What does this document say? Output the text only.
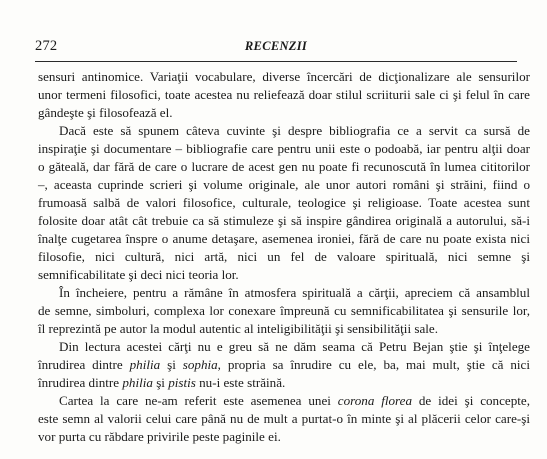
272	RECENZII
sensuri antinomice. Variaţii vocabulare, diverse încercări de dicţionalizare ale sensurilor
unor termeni filosofici, toate acestea nu reliefează doar stilul scriiturii sale ci şi felul în care
gândeşte şi filosofează el.
Dacă este să spunem câteva cuvinte şi despre bibliografia ce a servit ca sursă de
inspiraţie şi documentare – bibliografie care pentru unii este o podoabă, iar pentru alţii doar
o găteală, dar fără de care o lucrare de acest gen nu poate fi recunoscută în lumea cititorilor
–, aceasta cuprinde scrieri şi volume originale, ale unor autori români şi străini, fiind o
frumoasă salbă de valori filosofice, culturale, teologice şi religioase. Toate acestea sunt
folosite doar atât cât trebuie ca să stimuleze şi să inspire gândirea originală a autorului, să-i
înalţe cugetarea înspre o anume detaşare, asemenea ironiei, fără de care nu poate exista nici
filosofie, nici cultură, nici artă, nici un fel de valoare spirituală, nici semne şi
semnificabilitate şi deci nici teoria lor.
În încheiere, pentru a rămâne în atmosfera spirituală a cărţii, apreciem că ansamblul
de semne, simboluri, complexa lor conexare împreună cu semnificabilitatea şi sensurile lor,
îl reprezintă pe autor la modul autentic al inteligibilităţii şi sensibilităţii sale.
Din lectura acestei cărţi nu e greu să ne dăm seama că Petru Bejan ştie şi înţelege
înrudirea dintre philia şi sophia, propria sa înrudire cu ele, ba, mai mult, ştie că nici
înrudirea dintre philia şi pistis nu-i este străină.
Cartea la care ne-am referit este asemenea unei corona florea de idei şi concepte,
este semn al valorii celui care până nu de mult a purtat-o în minte şi al plăcerii celor care-şi
vor purta cu răbdare privirile peste paginile ei.
